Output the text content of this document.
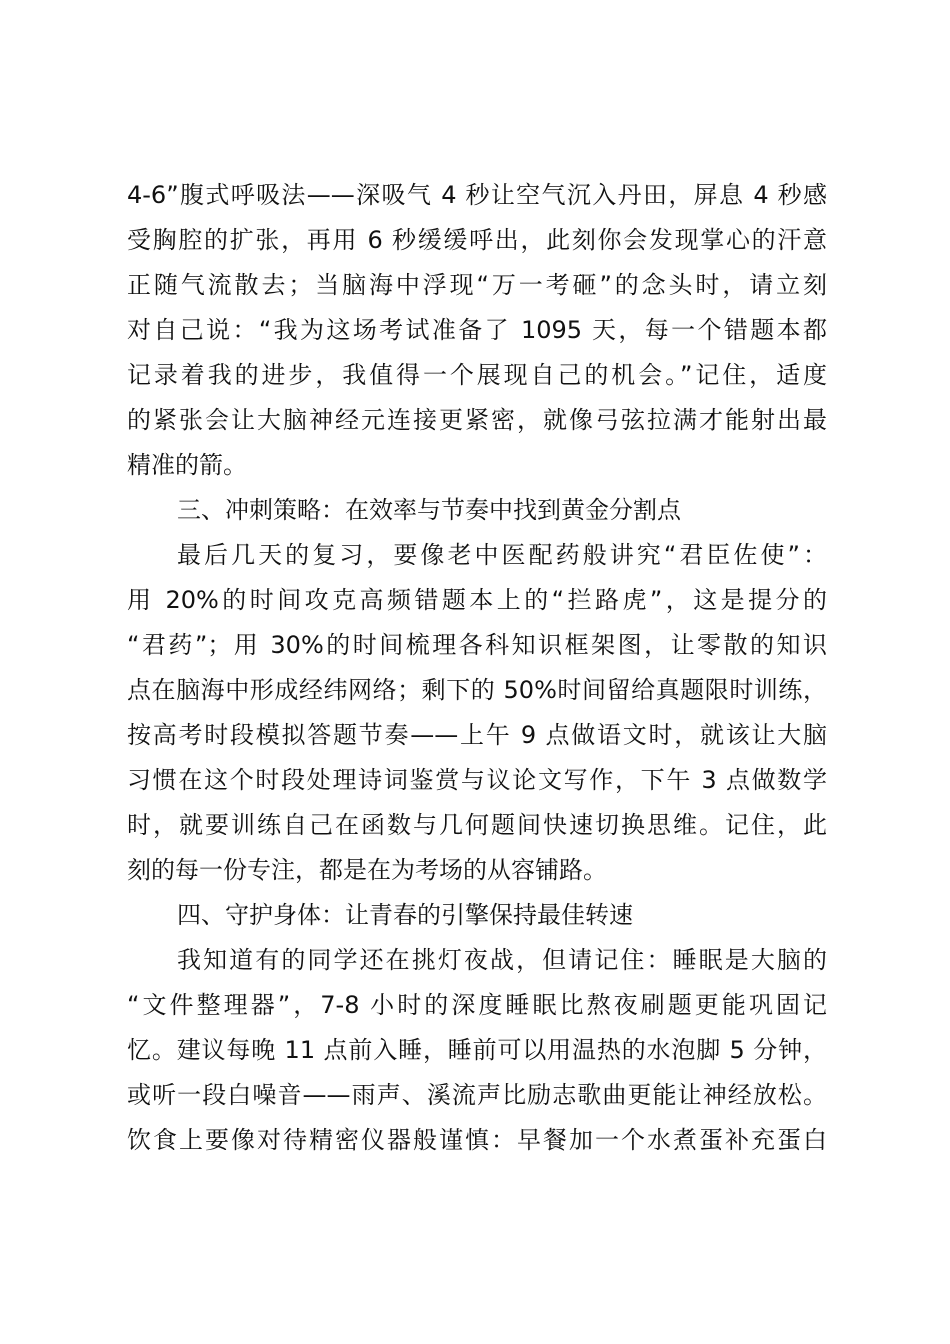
4-6”腹式呼吸法——深吸气 4 秒让空气沉入丹田，屏息 4 秒感

受胸腔的扩张，再用 6 秒缓缓呼出，此刻你会发现掌心的汗意

正随气流散去；当脑海中浮现“万一考砸”的念头时，请立刻

对自己说：“我为这场考试准备了 1095 天，每一个错题本都

记录着我的进步，我值得一个展现自己的机会。”记住，适度

的紧张会让大脑神经元连接更紧密，就像弓弦拉满才能射出最

精准的箭。

三、冲刺策略：在效率与节奏中找到黄金分割点

最后几天的复习，要像老中医配药般讲究“君臣佐使”：

用 20%的时间攻克高频错题本上的“拦路虎”，这是提分的

“君药”；用 30%的时间梳理各科知识框架图，让零散的知识

点在脑海中形成经纬网络；剩下的 50%时间留给真题限时训练，

按高考时段模拟答题节奏——上午 9 点做语文时，就该让大脑

习惯在这个时段处理诗词鉴赏与议论文写作，下午 3 点做数学

时，就要训练自己在函数与几何题间快速切换思维。记住，此

刻的每一份专注，都是在为考场的从容铺路。

四、守护身体：让青春的引擎保持最佳转速

我知道有的同学还在挑灯夜战，但请记住：睡眠是大脑的

“文件整理器”，7-8 小时的深度睡眠比熬夜刷题更能巩固记

忆。建议每晚 11 点前入睡，睡前可以用温热的水泡脚 5 分钟，

或听一段白噪音——雨声、溪流声比励志歌曲更能让神经放松。

饮食上要像对待精密仪器般谨慎：早餐加一个水煮蛋补充蛋白
